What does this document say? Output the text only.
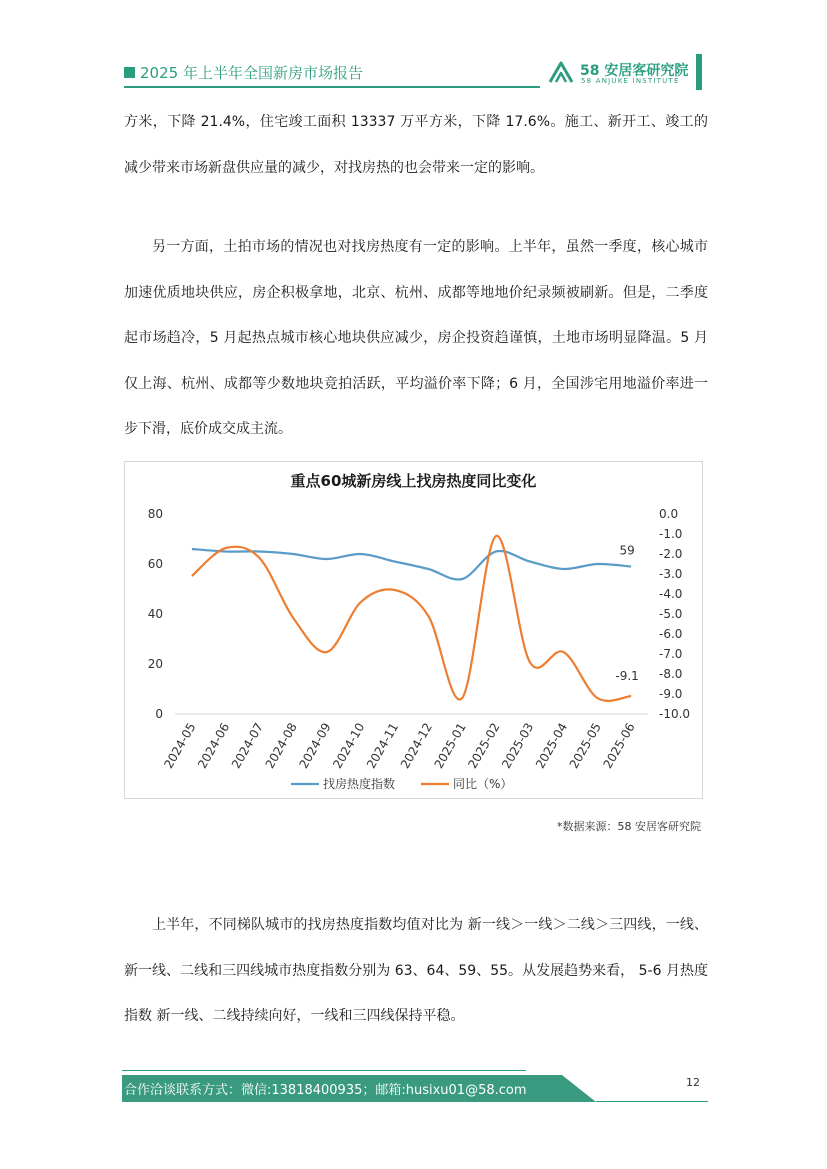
2025 年上半年全国新房市场报告	58 安居客研究院
58 ANJUKE INSTITUTE

方米，下降 21.4%，住宅竣工面积 13337 万平方米，下降 17.6%。施工、新开工、竣工的减少带来市场新盘供应量的减少，对找房热的也会带来一定的影响。

另一方面，土拍市场的情况也对找房热度有一定的影响。上半年，虽然一季度，核心城市加速优质地块供应，房企积极拿地，北京、杭州、成都等地地价纪录频被刷新。但是，二季度起市场趋冷，5 月起热点城市核心地块供应减少，房企投资趋谨慎，土地市场明显降温。5 月仅上海、杭州、成都等少数地块竞拍活跃，平均溢价率下降；6 月，全国涉宅用地溢价率进一步下滑，底价成交成主流。

重点60城新房线上找房热度同比变化
80
60
40
20
0
0.0
-1.0
-2.0
-3.0
-4.0
-5.0
-6.0
-7.0
-8.0
-9.0
-10.0
2024-05
2024-06
2024-07
2024-08
2024-09
2024-10
2024-11
2024-12
2025-01
2025-02
2025-03
2025-04
2025-05
2025-06
59
-9.1
找房热度指数	同比（%）
*数据来源：58 安居客研究院

上半年，不同梯队城市的找房热度指数均值对比为 新一线＞一线＞二线＞三四线，一线、新一线、二线和三四线城市热度指数分别为 63、64、59、55。从发展趋势来看， 5-6 月热度指数 新一线、二线持续向好，一线和三四线保持平稳。

合作洽谈联系方式：微信:13818400935；邮箱:husixu01@58.com
12
